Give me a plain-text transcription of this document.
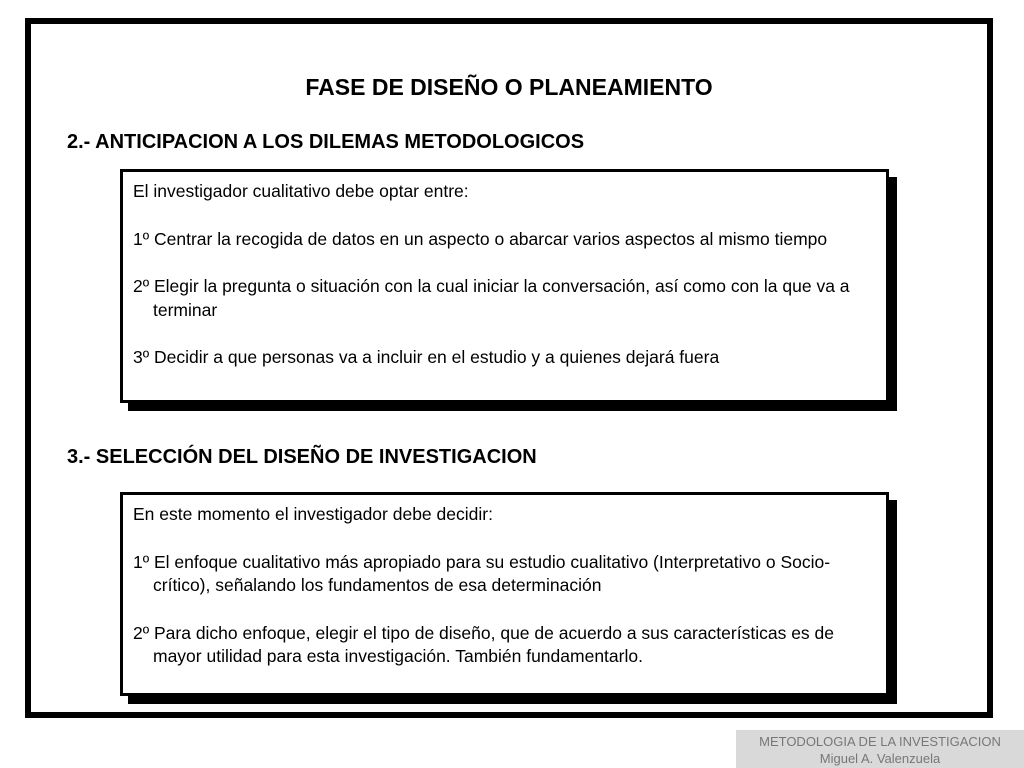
FASE DE DISEÑO O PLANEAMIENTO
2.- ANTICIPACION A LOS DILEMAS METODOLOGICOS

El investigador cualitativo debe optar entre:

1º Centrar la recogida de datos en un aspecto o abarcar varios aspectos al mismo tiempo

2º Elegir la pregunta o situación con la cual iniciar la conversación, así como con la que va a terminar

3º Decidir a que personas va a incluir en el estudio y a quienes dejará fuera

3.- SELECCIÓN DEL DISEÑO DE INVESTIGACION

En este momento el investigador debe decidir:

1º El enfoque cualitativo más apropiado para su estudio cualitativo (Interpretativo o Socio-crítico), señalando los fundamentos de esa determinación

2º Para dicho enfoque, elegir el tipo de diseño, que de acuerdo a sus características es de mayor utilidad para esta investigación. También fundamentarlo.

METODOLOGIA DE LA INVESTIGACION
Miguel A. Valenzuela
